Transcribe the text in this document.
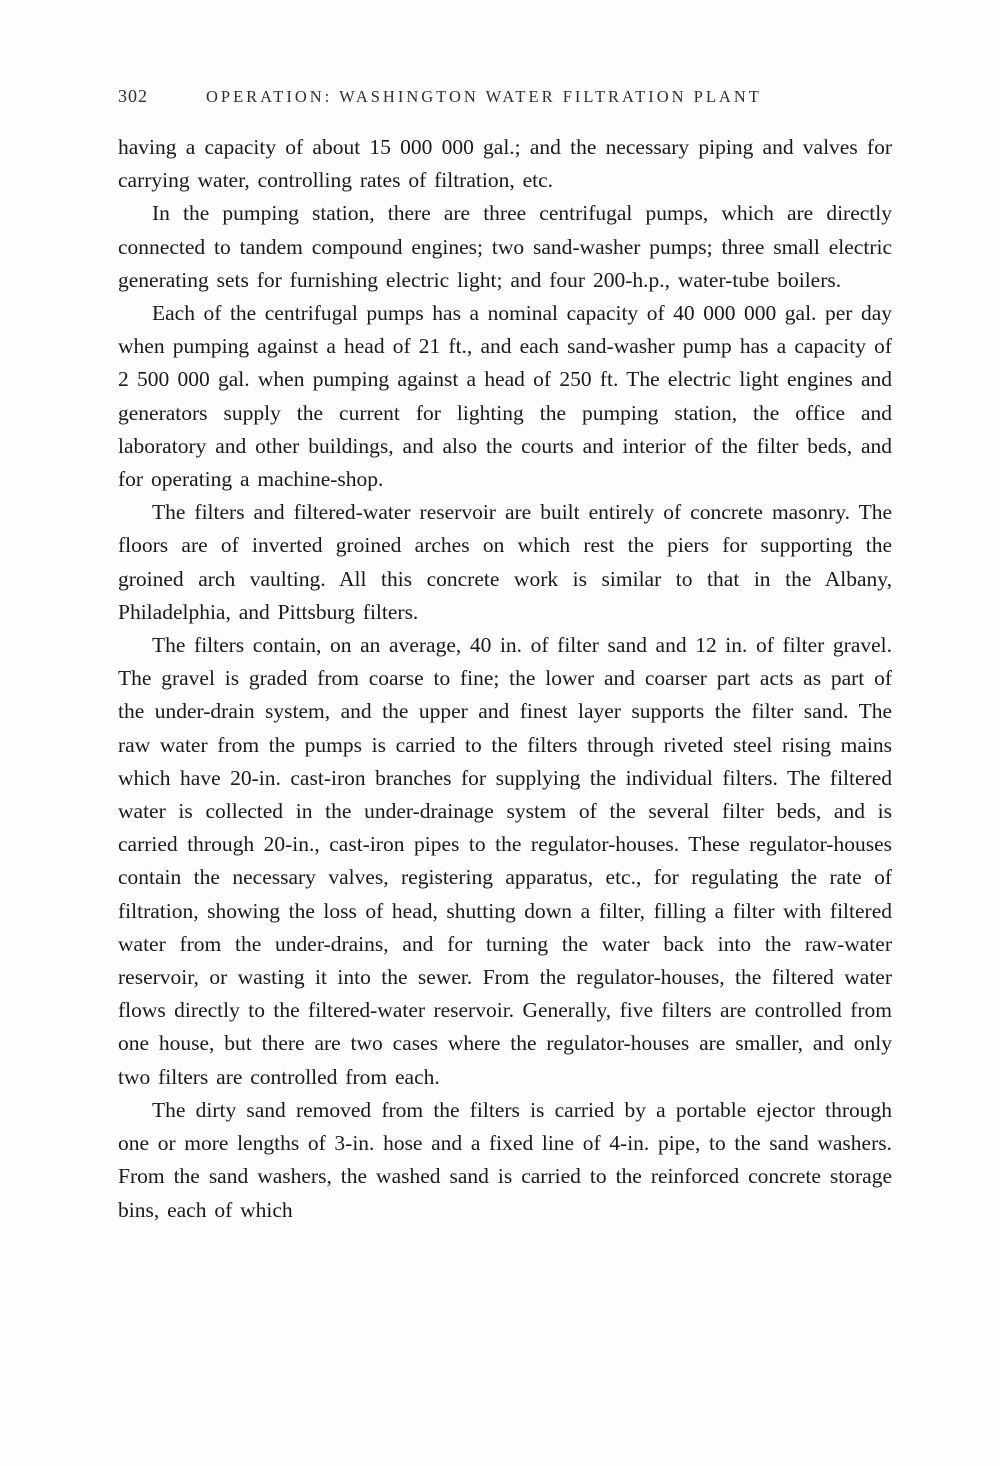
302	OPERATION: WASHINGTON WATER FILTRATION PLANT

having a capacity of about 15 000 000 gal.; and the necessary piping and valves for carrying water, controlling rates of filtration, etc.

In the pumping station, there are three centrifugal pumps, which are directly connected to tandem compound engines; two sand-washer pumps; three small electric generating sets for furnishing electric light; and four 200-h.p., water-tube boilers.

Each of the centrifugal pumps has a nominal capacity of 40 000 000 gal. per day when pumping against a head of 21 ft., and each sand-washer pump has a capacity of 2 500 000 gal. when pumping against a head of 250 ft. The electric light engines and generators supply the current for lighting the pumping station, the office and laboratory and other buildings, and also the courts and interior of the filter beds, and for operating a machine-shop.

The filters and filtered-water reservoir are built entirely of concrete masonry. The floors are of inverted groined arches on which rest the piers for supporting the groined arch vaulting. All this concrete work is similar to that in the Albany, Philadelphia, and Pittsburg filters.

The filters contain, on an average, 40 in. of filter sand and 12 in. of filter gravel. The gravel is graded from coarse to fine; the lower and coarser part acts as part of the under-drain system, and the upper and finest layer supports the filter sand. The raw water from the pumps is carried to the filters through riveted steel rising mains which have 20-in. cast-iron branches for supplying the individual filters. The filtered water is collected in the under-drainage system of the several filter beds, and is carried through 20-in., cast-iron pipes to the regulator-houses. These regulator-houses contain the necessary valves, registering apparatus, etc., for regulating the rate of filtration, showing the loss of head, shutting down a filter, filling a filter with filtered water from the under-drains, and for turning the water back into the raw-water reservoir, or wasting it into the sewer. From the regulator-houses, the filtered water flows directly to the filtered-water reservoir. Generally, five filters are controlled from one house, but there are two cases where the regulator-houses are smaller, and only two filters are controlled from each.

The dirty sand removed from the filters is carried by a portable ejector through one or more lengths of 3-in. hose and a fixed line of 4-in. pipe, to the sand washers. From the sand washers, the washed sand is carried to the reinforced concrete storage bins, each of which
